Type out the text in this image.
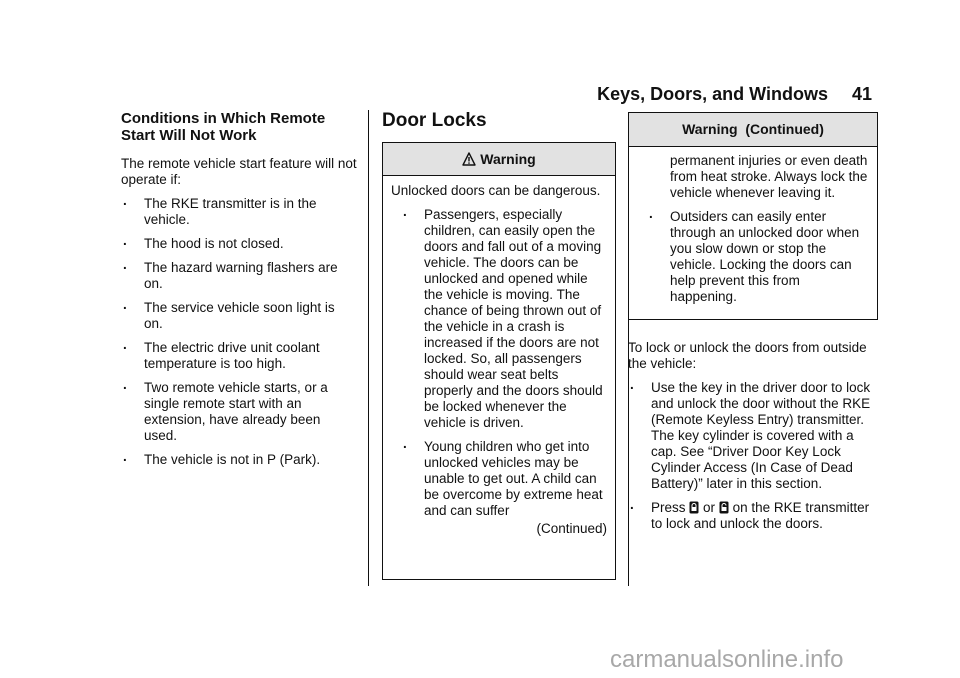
Keys, Doors, and Windows 41
Conditions in Which Remote Start Will Not Work

The remote vehicle start feature will not operate if:

. The RKE transmitter is in the vehicle.
. The hood is not closed.
. The hazard warning flashers are on.
. The service vehicle soon light is on.
. The electric drive unit coolant temperature is too high.
. Two remote vehicle starts, or a single remote start with an extension, have already been used.
. The vehicle is not in P (Park).
Door Locks
Warning

Unlocked doors can be dangerous.

. Passengers, especially children, can easily open the doors and fall out of a moving vehicle. The doors can be unlocked and opened while the vehicle is moving. The chance of being thrown out of the vehicle in a crash is increased if the doors are not locked. So, all passengers should wear seat belts properly and the doors should be locked whenever the vehicle is driven.
. Young children who get into unlocked vehicles may be unable to get out. A child can be overcome by extreme heat and can suffer
(Continued)
Warning  (Continued)

permanent injuries or even death from heat stroke. Always lock the vehicle whenever leaving it.

. Outsiders can easily enter through an unlocked door when you slow down or stop the vehicle. Locking the doors can help prevent this from happening.

To lock or unlock the doors from outside the vehicle:

. Use the key in the driver door to lock and unlock the door without the RKE (Remote Keyless Entry) transmitter. The key cylinder is covered with a cap. See “Driver Door Key Lock Cylinder Access (In Case of Dead Battery)” later in this section.
. Press or on the RKE transmitter to lock and unlock the doors.
carmanualsonline.info
